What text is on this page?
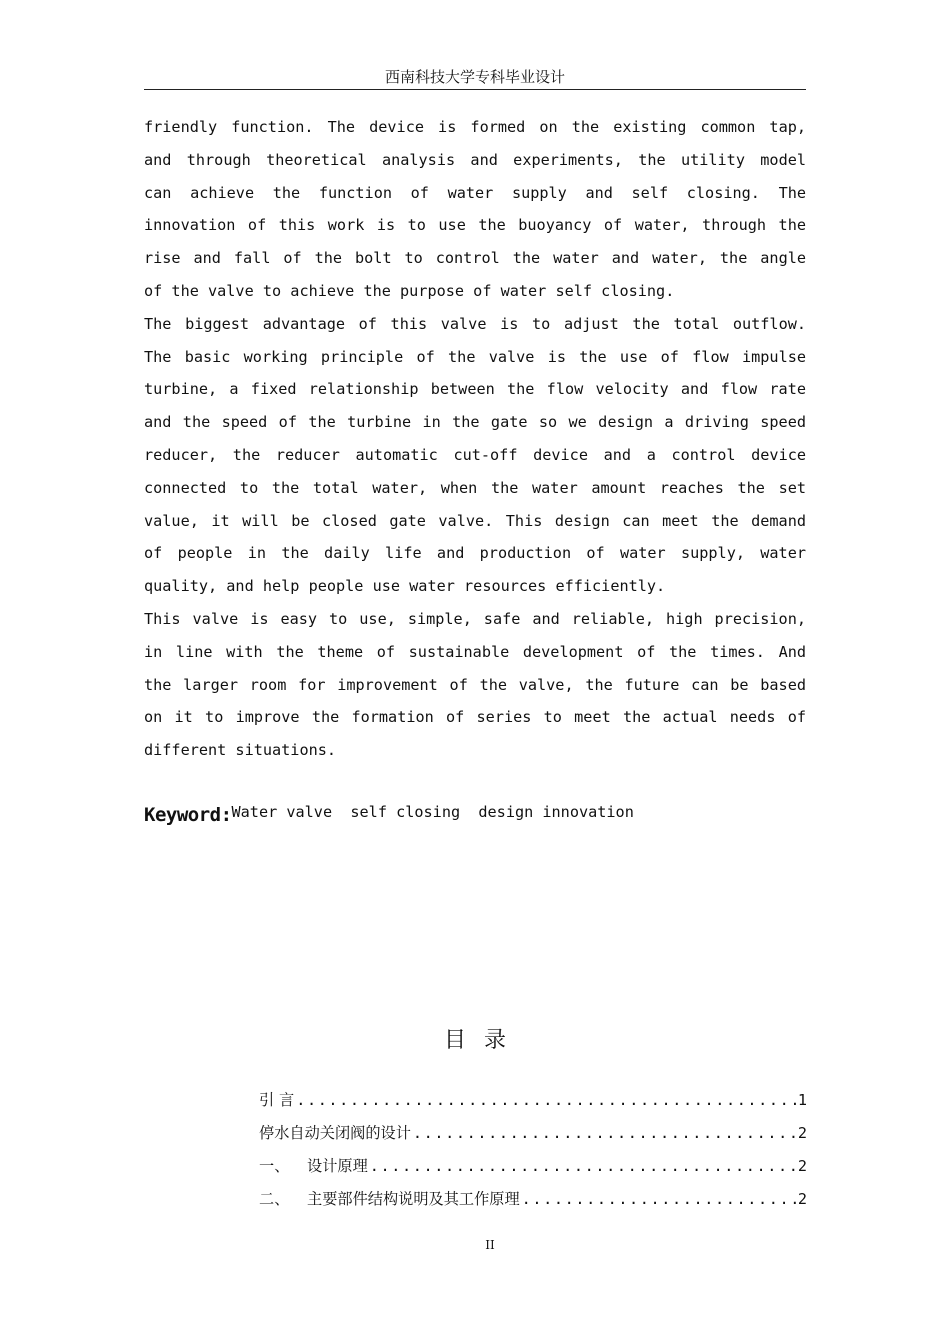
西南科技大学专科毕业设计

friendly function. The device is formed on the existing common tap,

and through theoretical analysis and experiments, the utility model

can achieve the function of water supply and self closing. The

innovation of this work is to use the buoyancy of water, through the

rise and fall of the bolt to control the water and water, the angle

of the valve to achieve the purpose of water self closing.

The biggest advantage of this valve is to adjust the total outflow.

The basic working principle of the valve is the use of flow impulse

turbine, a fixed relationship between the flow velocity and flow rate

and the speed of the turbine in the gate so we design a driving speed

reducer, the reducer automatic cut-off device and a control device

connected to the total water, when the water amount reaches the set

value, it will be closed gate valve. This design can meet the demand

of people in the daily life and production of water supply, water

quality, and help people use water resources efficiently.

This valve is easy to use, simple, safe and reliable, high precision,

in line with the theme of sustainable development of the times. And

the larger room for improvement of the valve, the future can be based

on it to improve the formation of series to meet the actual needs of

different situations.

Keyword:Water valve  self closing  design innovation
目录
引 言 .....	1
停水自动关闭阀的设计 .....	2
一、	设计原理 .....	2
二、	主要部件结构说明及其工作原理 .....	2
II
